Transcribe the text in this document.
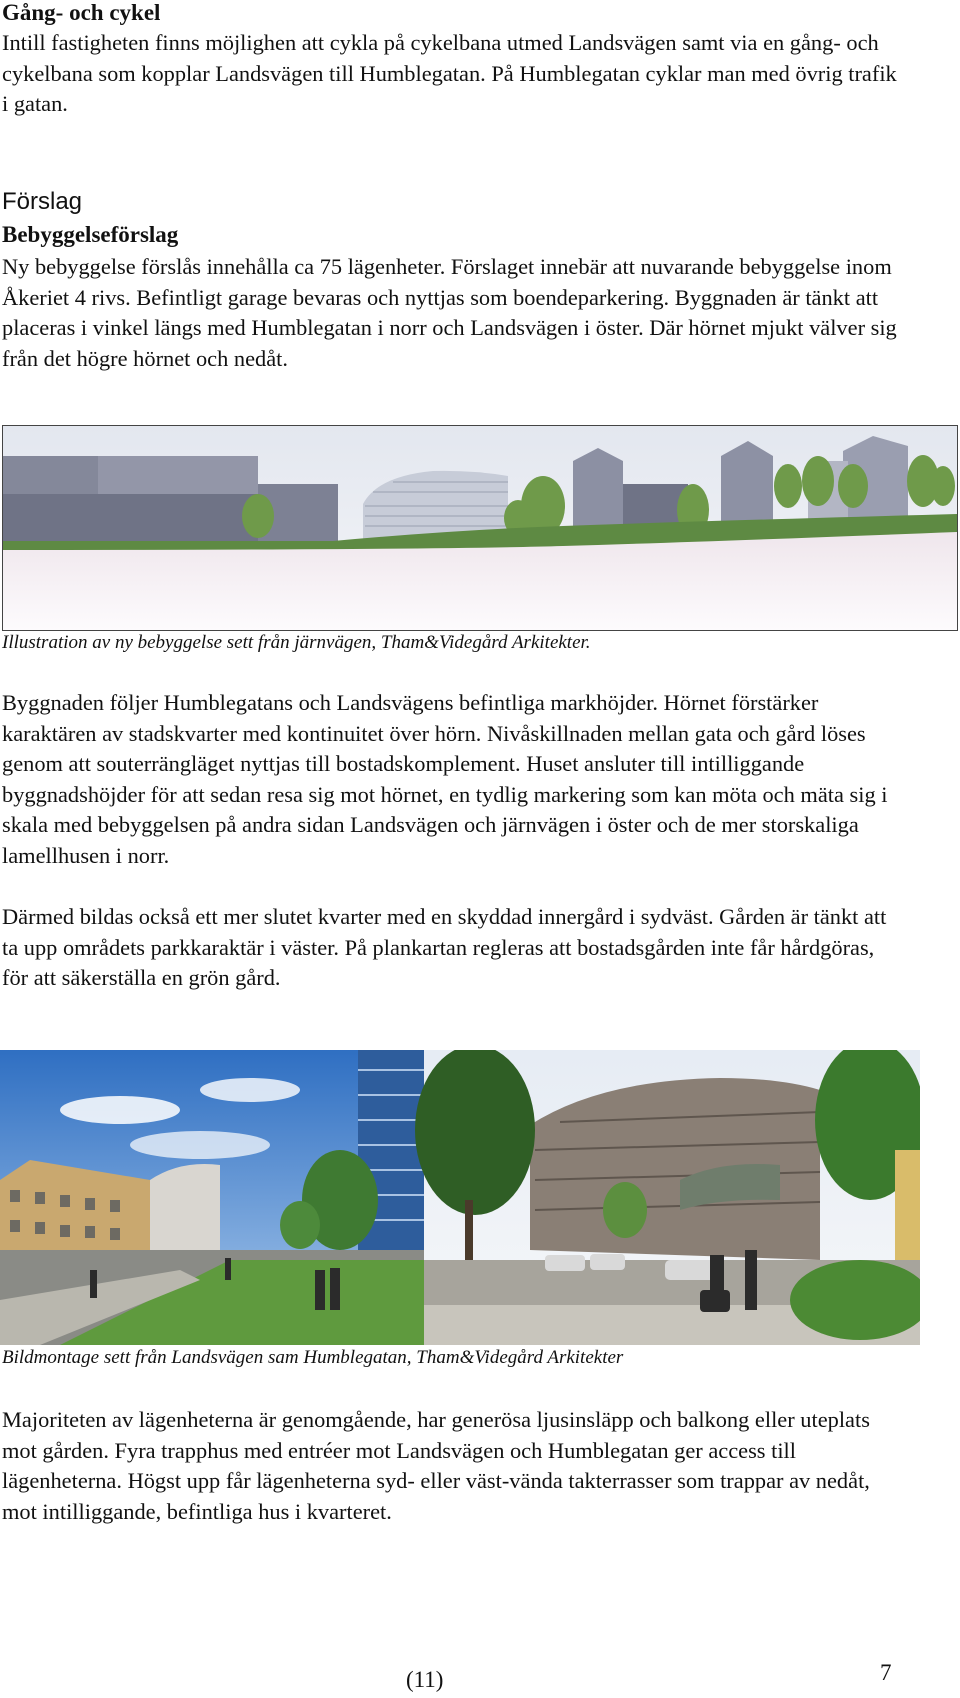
Gång- och cykel

Intill fastigheten finns möjlighen att cykla på cykelbana utmed Landsvägen samt via en gång- och cykelbana som kopplar Landsvägen till Humblegatan. På Humblegatan cyklar man med övrig trafik i gatan.

Förslag
Bebyggelseförslag

Ny bebyggelse förslås innehålla ca 75 lägenheter. Förslaget innebär att nuvarande bebyggelse inom Åkeriet 4 rivs. Befintligt garage bevaras och nyttjas som boendeparkering. Byggnaden är tänkt att placeras i vinkel längs med Humblegatan i norr och Landsvägen i öster. Där hörnet mjukt välver sig från det högre hörnet och nedåt.

Illustration av ny bebyggelse sett från järnvägen, Tham&Videgård Arkitekter.

Byggnaden följer Humblegatans och Landsvägens befintliga markhöjder. Hörnet förstärker karaktären av stadskvarter med kontinuitet över hörn. Nivåskillnaden mellan gata och gård löses genom att souterrängläget nyttjas till bostadskomplement. Huset ansluter till intilliggande byggnadshöjder för att sedan resa sig mot hörnet, en tydlig markering som kan möta och mäta sig i skala med bebyggelsen på andra sidan Landsvägen och järnvägen i öster och de mer storskaliga lamellhusen i norr.

Därmed bildas också ett mer slutet kvarter med en skyddad innergård i sydväst. Gården är tänkt att ta upp områdets parkkaraktär i väster. På plankartan regleras att bostadsgården inte får hårdgöras, för att säkerställa en grön gård.

Bildmontage sett från Landsvägen sam Humblegatan, Tham&Videgård Arkitekter

Majoriteten av lägenheterna är genomgående, har generösa ljusinsläpp och balkong eller uteplats mot gården. Fyra trapphus med entréer mot Landsvägen och Humblegatan ger access till lägenheterna. Högst upp får lägenheterna syd- eller väst-vända takterrasser som trappar av nedåt, mot intilliggande, befintliga hus i kvarteret.

(11)	7
